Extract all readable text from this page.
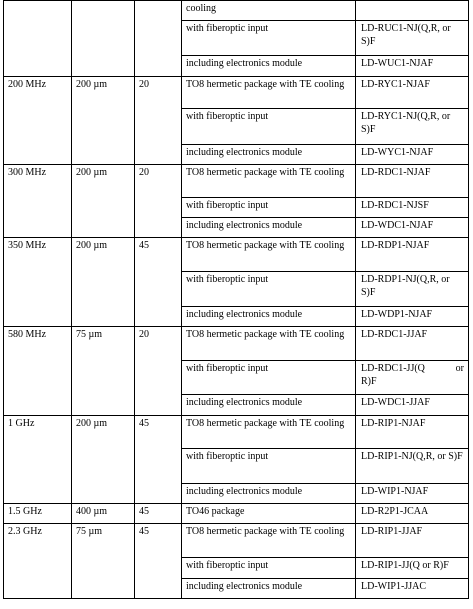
			cooling	
			with fiberoptic input	LD-RUC1-NJ(Q,R, or S)F
			including electronics module	LD-WUC1-NJAF
200 MHz	200 µm	20	TO8 hermetic package with TE cooling	LD-RYC1-NJAF
			with fiberoptic input	LD-RYC1-NJ(Q,R, or S)F
			including electronics module	LD-WYC1-NJAF
300 MHz	200 µm	20	TO8 hermetic package with TE cooling	LD-RDC1-NJAF
			with fiberoptic input	LD-RDC1-NJSF
			including electronics module	LD-WDC1-NJAF
350 MHz	200 µm	45	TO8 hermetic package with TE cooling	LD-RDP1-NJAF
			with fiberoptic input	LD-RDP1-NJ(Q,R, or S)F
			including electronics module	LD-WDP1-NJAF
580 MHz	75 µm	20	TO8 hermetic package with TE cooling	LD-RDC1-JJAF
			with fiberoptic input	LD-RDC1-JJ(Q or
R)F
			including electronics module	LD-WDC1-JJAF
1 GHz	200 µm	45	TO8 hermetic package with TE cooling	LD-RIP1-NJAF
			with fiberoptic input	LD-RIP1-NJ(Q,R, or S)F
			including electronics module	LD-WIP1-NJAF
1.5 GHz	400 µm	45	TO46 package	LD-R2P1-JCAA
2.3 GHz	75 µm	45	TO8 hermetic package with TE cooling	LD-RIP1-JJAF
			with fiberoptic input	LD-RIP1-JJ(Q or R)F
			including electronics module	LD-WIP1-JJAC
